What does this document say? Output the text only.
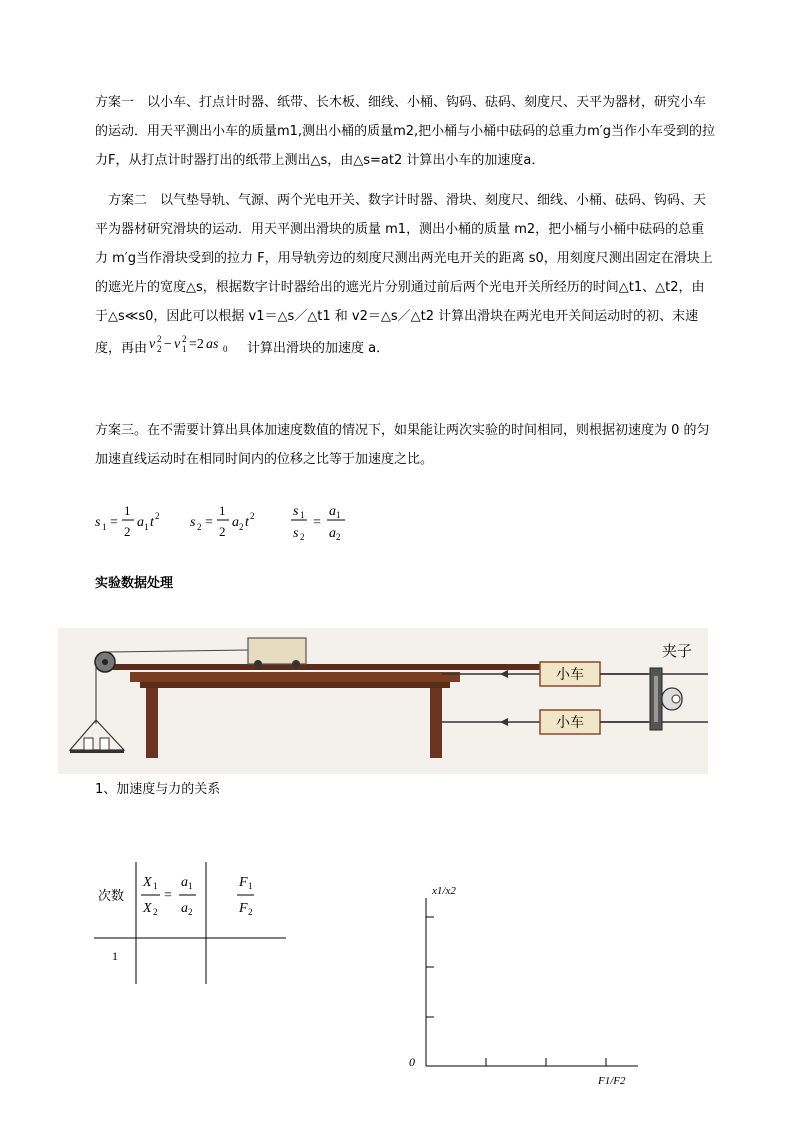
方案一　以小车、打点计时器、纸带、长木板、细线、小桶、钩码、砝码、刻度尺、天平为器材，研究小车的运动．用天平测出小车的质量m1,测出小桶的质量m2,把小桶与小桶中砝码的总重力m′g当作小车受到的拉力F，从打点计时器打出的纸带上测出△s，由△s=at2 计算出小车的加速度a．

　方案二　以气垫导轨、气源、两个光电开关、数字计时器、滑块、刻度尺、细线、小桶、砝码、钩码、天平为器材研究滑块的运动．用天平测出滑块的质量 m1，测出小桶的质量 m2，把小桶与小桶中砝码的总重力 m′g当作滑块受到的拉力 F，用导轨旁边的刻度尺测出两光电开关的距离 s0，用刻度尺测出固定在滑块上的遮光片的宽度△s，根据数字计时器给出的遮光片分别通过前后两个光电开关所经历的时间△t1、△t2，由于△s≪s0，因此可以根据 v1＝△s／△t1 和 v2＝△s／△t2 计算出滑块在两光电开关间运动时的初、末速度，再由 v 2
2 − v 2
1 =2 as 0 计算出滑块的加速度 a．

方案三。在不需要计算出具体加速度数值的情况下，如果能让两次实验的时间相同，则根据初速度为 0 的匀加速直线运动时在相同时间内的位移之比等于加速度之比。

s 1 =
1
2
a 1 t 2 s 2 =
1
2
a 2 t 2	s 1
s 2
=
a 1
a 2
实验数据处理
小车
小车
夹子
1、加速度与力的关系
次数
X 1
X 2
=
a 1
a 2
F 1
F 2
1
x1/x2
F1/F2
0
